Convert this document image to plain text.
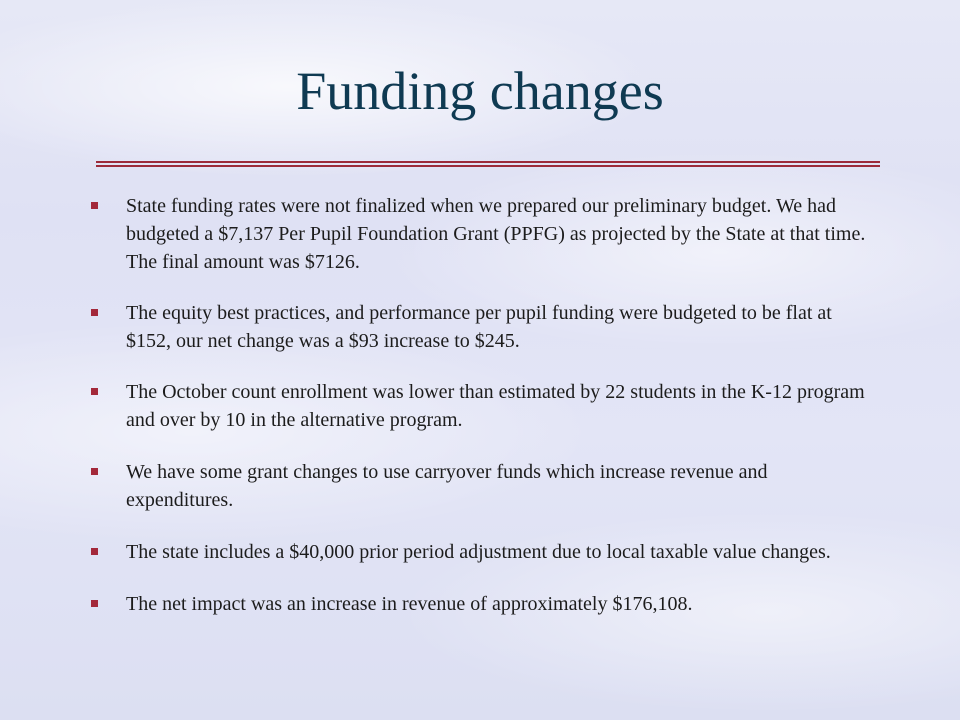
Funding changes
State funding rates were not finalized when we prepared our preliminary budget. We had budgeted a $7,137 Per Pupil Foundation Grant (PPFG) as projected by the State at that time. The final amount was $7126.
The equity best practices, and performance per pupil funding were budgeted to be flat at $152, our net change was a $93 increase to $245.
The October count enrollment was lower than estimated by 22 students in the K-12 program and over by 10 in the alternative program.
We have some grant changes to use carryover funds which increase revenue and expenditures.
The state includes a $40,000 prior period adjustment due to local taxable value changes.
The net impact was an increase in revenue of approximately $176,108.
